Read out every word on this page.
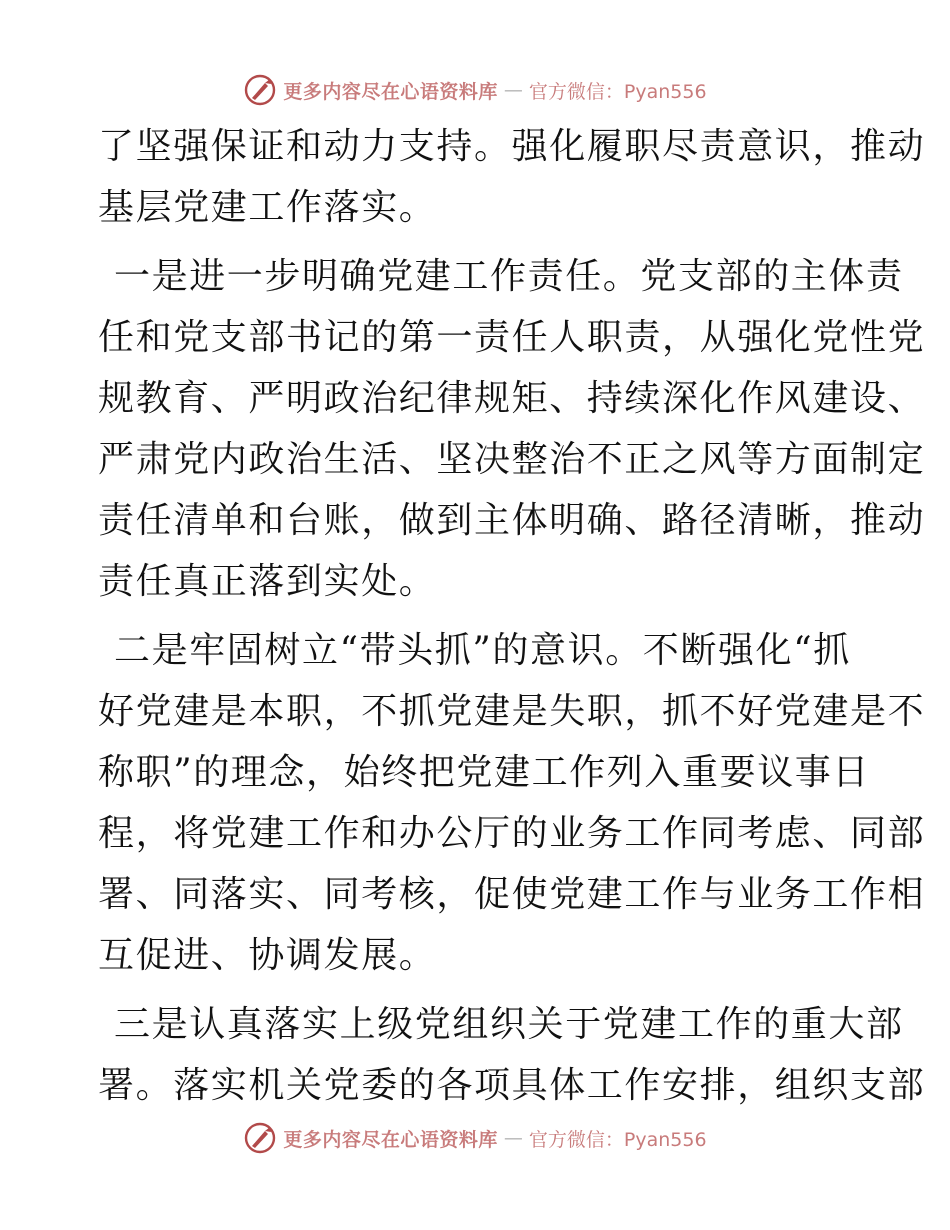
更多内容尽在心语资料库 — 官方微信：Pyan556
了坚强保证和动力支持。强化履职尽责意识，推动
基层党建工作落实。
一是进一步明确党建工作责任。党支部的主体责
任和党支部书记的第一责任人职责，从强化党性党
规教育、严明政治纪律规矩、持续深化作风建设、
严肃党内政治生活、坚决整治不正之风等方面制定
责任清单和台账，做到主体明确、路径清晰，推动
责任真正落到实处。
二是牢固树立“带头抓”的意识。不断强化“抓
好党建是本职，不抓党建是失职，抓不好党建是不
称职”的理念，始终把党建工作列入重要议事日
程，将党建工作和办公厅的业务工作同考虑、同部
署、同落实、同考核，促使党建工作与业务工作相
互促进、协调发展。
三是认真落实上级党组织关于党建工作的重大部
署。落实机关党委的各项具体工作安排，组织支部
更多内容尽在心语资料库 — 官方微信：Pyan556
